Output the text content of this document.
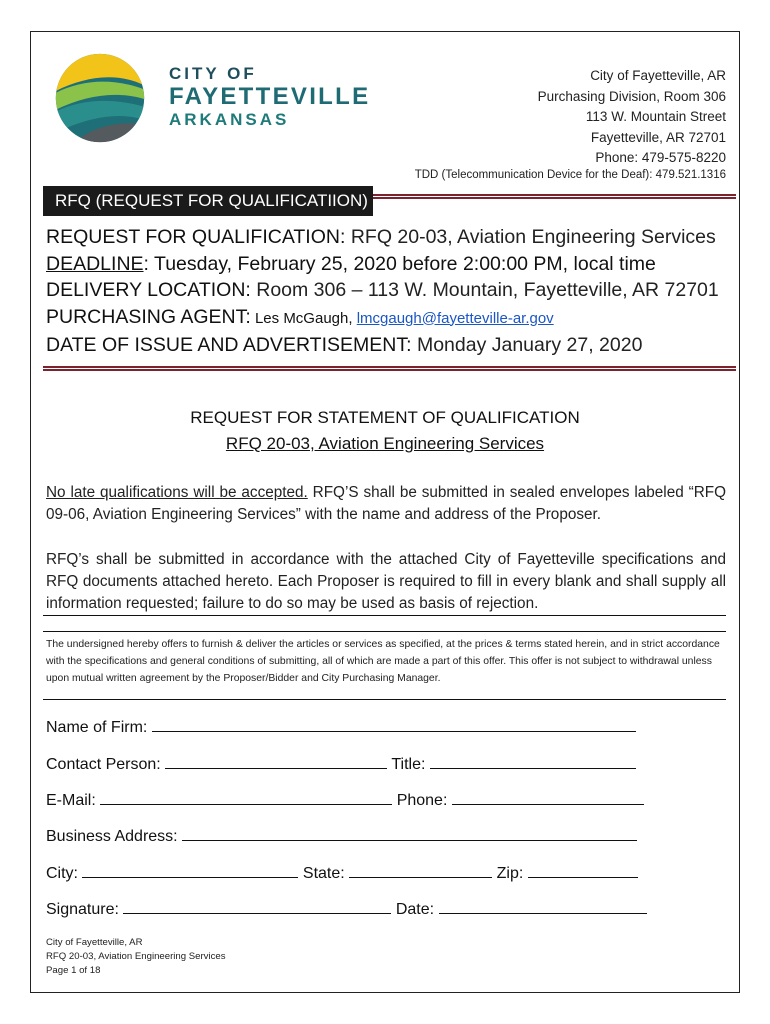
CITY OF
FAYETTEVILLE
ARKANSAS
City of Fayetteville, AR
Purchasing Division, Room 306
113 W. Mountain Street
Fayetteville, AR 72701
Phone: 479-575-8220
TDD (Telecommunication Device for the Deaf): 479.521.1316
RFQ (REQUEST FOR QUALIFICATIION)
REQUEST FOR QUALIFICATION: RFQ 20-03, Aviation Engineering Services
DEADLINE: Tuesday, February 25, 2020 before 2:00:00 PM, local time
DELIVERY LOCATION: Room 306 – 113 W. Mountain, Fayetteville, AR 72701
PURCHASING AGENT: Les McGaugh, lmcgaugh@fayetteville-ar.gov
DATE OF ISSUE AND ADVERTISEMENT: Monday January 27, 2020
REQUEST FOR STATEMENT OF QUALIFICATION
RFQ 20-03, Aviation Engineering Services
No late qualifications will be accepted. RFQ’S shall be submitted in sealed envelopes labeled “RFQ 09-06, Aviation Engineering Services” with the name and address of the Proposer.
RFQ’s shall be submitted in accordance with the attached City of Fayetteville specifications and RFQ documents attached hereto. Each Proposer is required to fill in every blank and shall supply all information requested; failure to do so may be used as basis of rejection.
The undersigned hereby offers to furnish & deliver the articles or services as specified, at the prices & terms stated herein, and in strict accordance with the specifications and general conditions of submitting, all of which are made a part of this offer. This offer is not subject to withdrawal unless upon mutual written agreement by the Proposer/Bidder and City Purchasing Manager.
Name of Firm:
Contact Person:	Title:
E-Mail:	Phone:
Business Address:
City:	State:	Zip:
Signature:	Date:
City of Fayetteville, AR
RFQ 20-03, Aviation Engineering Services
Page 1 of 18
